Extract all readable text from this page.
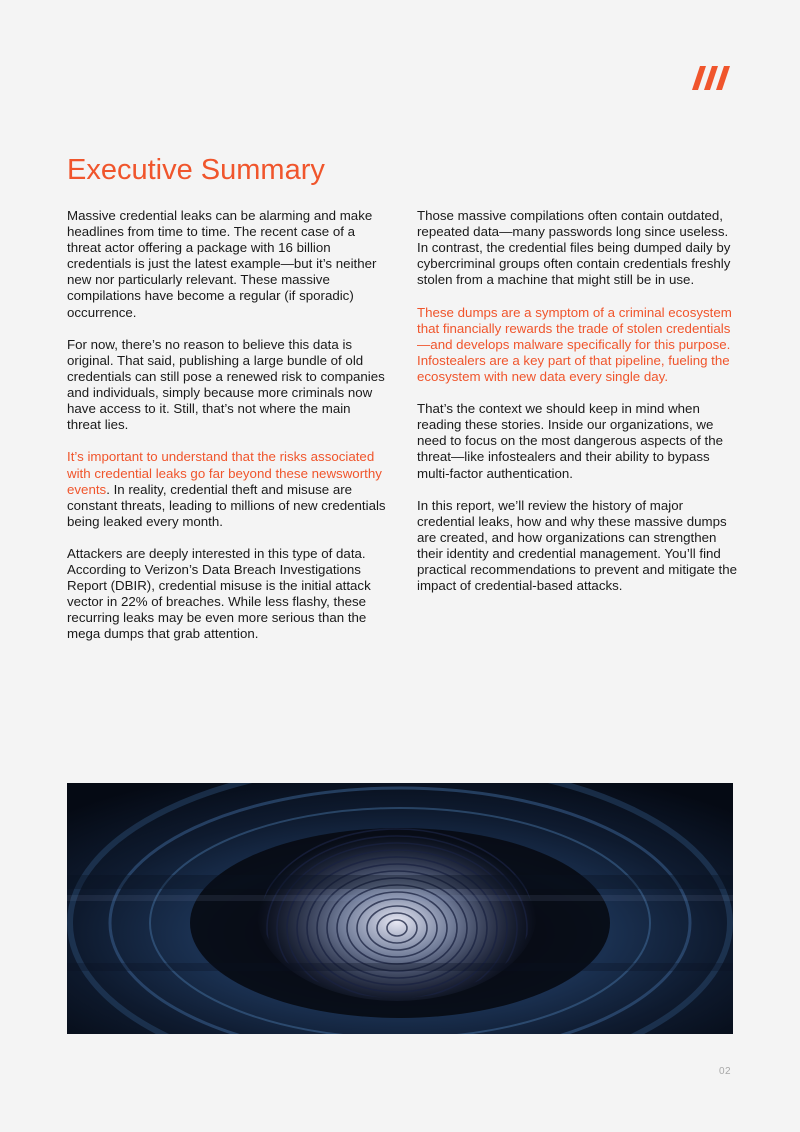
Executive Summary

Massive credential leaks can be alarming and make headlines from time to time. The recent case of a threat actor offering a package with 16 billion credentials is just the latest example—but it’s neither new nor particularly relevant. These massive compilations have become a regular (if sporadic) occurrence.

For now, there’s no reason to believe this data is original. That said, publishing a large bundle of old credentials can still pose a renewed risk to companies and individuals, simply because more criminals now have access to it. Still, that’s not where the main threat lies.

It’s important to understand that the risks associated with credential leaks go far beyond these newsworthy events. In reality, credential theft and misuse are constant threats, leading to millions of new credentials being leaked every month.

Attackers are deeply interested in this type of data. According to Verizon’s Data Breach Investigations Report (DBIR), credential misuse is the initial attack vector in 22% of breaches. While less flashy, these recurring leaks may be even more serious than the mega dumps that grab attention.

Those massive compilations often contain outdated, repeated data—many passwords long since useless. In contrast, the credential files being dumped daily by cybercriminal groups often contain credentials freshly stolen from a machine that might still be in use.

These dumps are a symptom of a criminal ecosystem that financially rewards the trade of stolen credentials—and develops malware specifically for this purpose. Infostealers are a key part of that pipeline, fueling the ecosystem with new data every single day.

That’s the context we should keep in mind when reading these stories. Inside our organizations, we need to focus on the most dangerous aspects of the threat—like infostealers and their ability to bypass multi-factor authentication.

In this report, we’ll review the history of major credential leaks, how and why these massive dumps are created, and how organizations can strengthen their identity and credential management. You’ll find practical recommendations to prevent and mitigate the impact of credential-based attacks.

02
